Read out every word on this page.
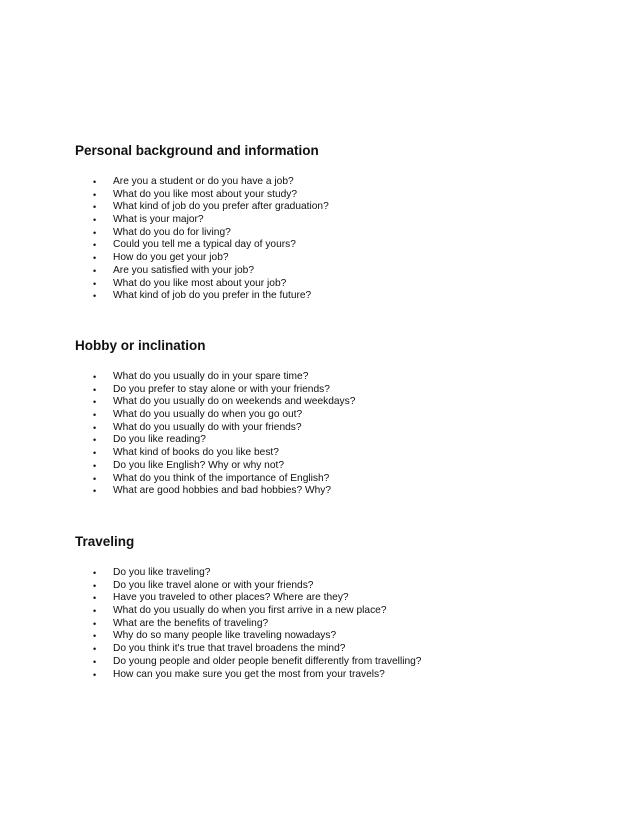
Personal background and information
• Are you a student or do you have a job?
• What do you like most about your study?
• What kind of job do you prefer after graduation?
• What is your major?
• What do you do for living?
• Could you tell me a typical day of yours?
• How do you get your job?
• Are you satisfied with your job?
• What do you like most about your job?
• What kind of job do you prefer in the future?
Hobby or inclination
• What do you usually do in your spare time?
• Do you prefer to stay alone or with your friends?
• What do you usually do on weekends and weekdays?
• What do you usually do when you go out?
• What do you usually do with your friends?
• Do you like reading?
• What kind of books do you like best?
• Do you like English? Why or why not?
• What do you think of the importance of English?
• What are good hobbies and bad hobbies? Why?
Traveling
• Do you like traveling?
• Do you like travel alone or with your friends?
• Have you traveled to other places? Where are they?
• What do you usually do when you first arrive in a new place?
• What are the benefits of traveling?
• Why do so many people like traveling nowadays?
• Do you think it's true that travel broadens the mind?
• Do young people and older people benefit differently from travelling?
• How can you make sure you get the most from your travels?
